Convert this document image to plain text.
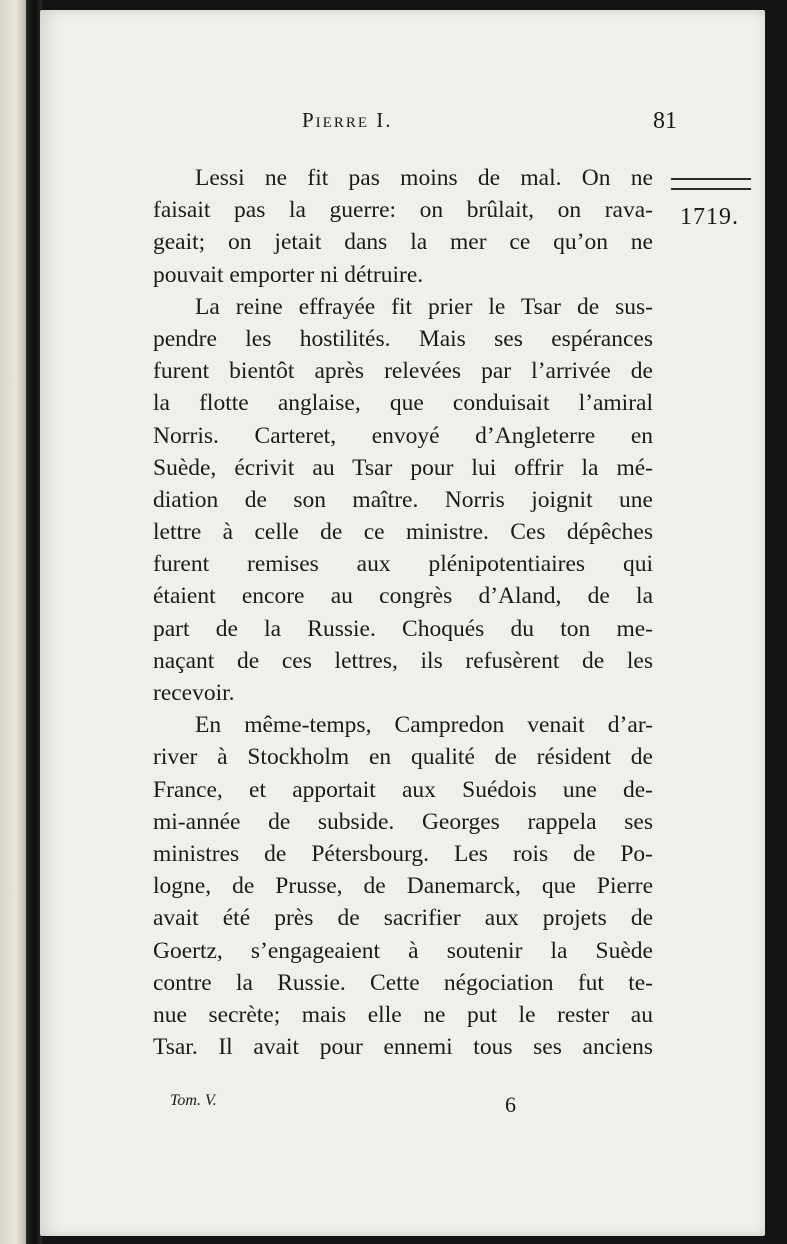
Pierre I.	81
1719.
Lessi ne fit pas moins de mal. On ne
faisait pas la guerre: on brûlait, on rava-
geait; on jetait dans la mer ce qu’on ne
pouvait emporter ni détruire.
La reine effrayée fit prier le Tsar de sus-
pendre les hostilités. Mais ses espérances
furent bientôt après relevées par l’arrivée de
la flotte anglaise, que conduisait l’amiral
Norris. Carteret, envoyé d’Angleterre en
Suède, écrivit au Tsar pour lui offrir la mé-
diation de son maître. Norris joignit une
lettre à celle de ce ministre. Ces dépêches
furent remises aux plénipotentiaires qui
étaient encore au congrès d’Aland, de la
part de la Russie. Choqués du ton me-
naçant de ces lettres, ils refusèrent de les
recevoir.
En même-temps, Campredon venait d’ar-
river à Stockholm en qualité de résident de
France, et apportait aux Suédois une de-
mi-année de subside. Georges rappela ses
ministres de Pétersbourg. Les rois de Po-
logne, de Prusse, de Danemarck, que Pierre
avait été près de sacrifier aux projets de
Goertz, s’engageaient à soutenir la Suède
contre la Russie. Cette négociation fut te-
nue secrète; mais elle ne put le rester au
Tsar. Il avait pour ennemi tous ses anciens
Tom. V.	6
